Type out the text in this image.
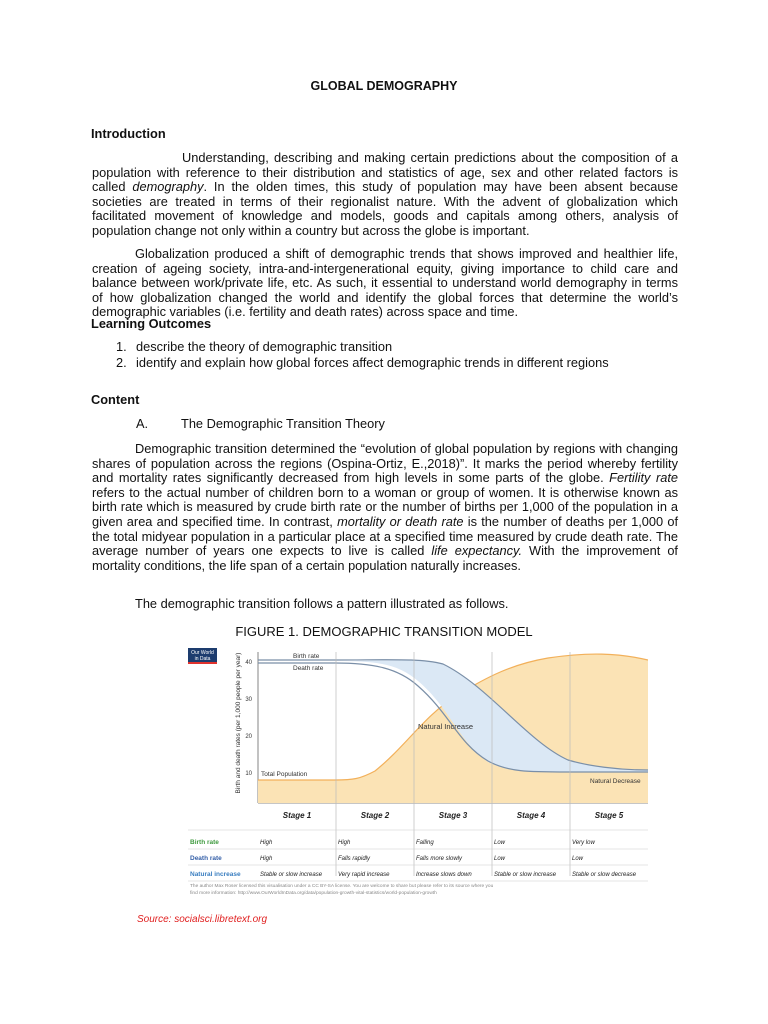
GLOBAL DEMOGRAPHY
Introduction

Understanding, describing and making certain predictions about the composition of a population with reference to their distribution and statistics of age, sex and other related factors is called demography. In the olden times, this study of population may have been absent because societies are treated in terms of their regionalist nature. With the advent of globalization which facilitated movement of knowledge and models, goods and capitals among others, analysis of population change not only within a country but across the globe is important.

Globalization produced a shift of demographic trends that shows improved and healthier life, creation of ageing society, intra-and-intergenerational equity, giving importance to child care and balance between work/private life, etc. As such, it essential to understand world demography in terms of how globalization changed the world and identify the global forces that determine the world’s demographic variables (i.e. fertility and death rates) across space and time.

Learning Outcomes
1. describe the theory of demographic transition
2. identify and explain how global forces affect demographic trends in different regions
Content
A.	The Demographic Transition Theory

Demographic transition determined the “evolution of global population by regions with changing shares of population across the regions (Ospina-Ortiz, E.,2018)”. It marks the period whereby fertility and mortality rates significantly decreased from high levels in some parts of the globe. Fertility rate refers to the actual number of children born to a woman or group of women. It is otherwise known as birth rate which is measured by crude birth rate or the number of births per 1,000 of the population in a given area and specified time. In contrast, mortality or death rate is the number of deaths per 1,000 of the total midyear population in a particular place at a specified time measured by crude death rate. The average number of years one expects to live is called life expectancy. With the improvement of mortality conditions, the life span of a certain population naturally increases.

The demographic transition follows a pattern illustrated as follows.
FIGURE 1. DEMOGRAPHIC TRANSITION MODEL
Our World
in Data	Birth and death rates (per 1,000 people per year) 40
30
20
10
Birth rate
Death rate
Natural Increase
Total Population
Natural Decrease
Stage 1	Stage 2	Stage 3	Stage 4	Stage 5
Birth rate	High	High	Falling	Low	Very low
Death rate	High	Falls rapidly	Falls more slowly	Low	Low
Natural increase	Stable or slow increase	Very rapid increase	Increase slows down	Stable or slow increase	Stable or slow decrease
The author Max Roser licensed this visualisation under a CC BY-SA license. You are welcome to share but please refer to its source where you
find more information: http://www.OurWorldInData.org/data/population-growth-vital-statistics/world-population-growth
Source: socialsci.libretext.org
